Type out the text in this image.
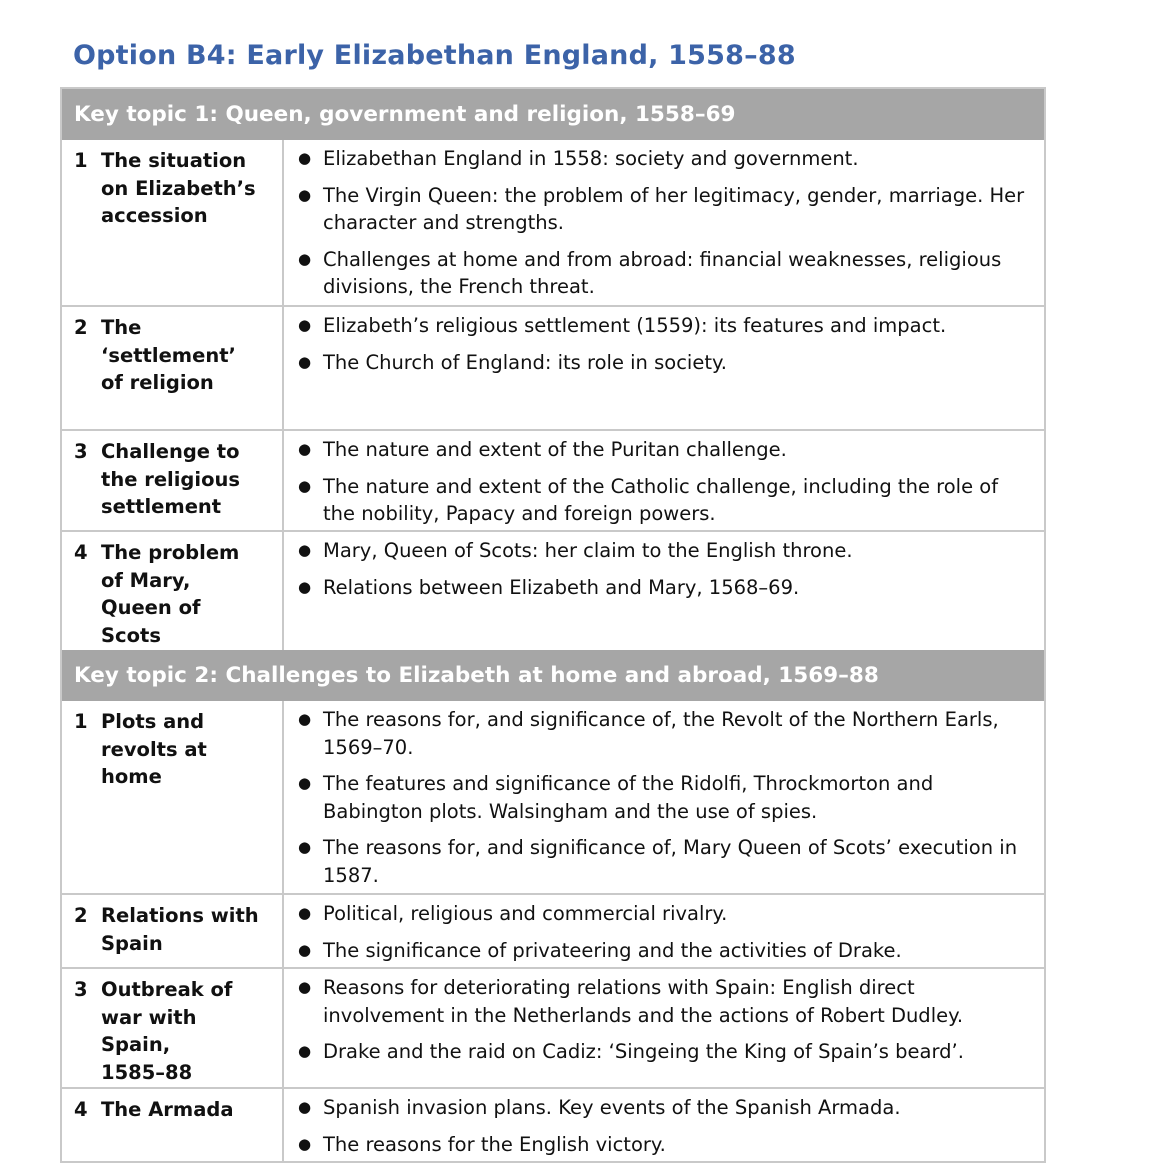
Option B4: Early Elizabethan England, 1558–88
Key topic 1: Queen, government and religion, 1558–69
1 The situation
on Elizabeth’s
accession
● Elizabethan England in 1558: society and government.
● The Virgin Queen: the problem of her legitimacy, gender, marriage. Her character and strengths.
● Challenges at home and from abroad: financial weaknesses, religious divisions, the French threat.
2 The
‘settlement’
of religion
● Elizabeth’s religious settlement (1559): its features and impact.
● The Church of England: its role in society.
3 Challenge to
the religious
settlement
● The nature and extent of the Puritan challenge.
● The nature and extent of the Catholic challenge, including the role of the nobility, Papacy and foreign powers.
4 The problem
of Mary,
Queen of
Scots
● Mary, Queen of Scots: her claim to the English throne.
● Relations between Elizabeth and Mary, 1568–69.
Key topic 2: Challenges to Elizabeth at home and abroad, 1569–88
1 Plots and
revolts at
home
● The reasons for, and significance of, the Revolt of the Northern Earls, 1569–70.
● The features and significance of the Ridolfi, Throckmorton and Babington plots. Walsingham and the use of spies.
● The reasons for, and significance of, Mary Queen of Scots’ execution in 1587.
2 Relations with
Spain
● Political, religious and commercial rivalry.
● The significance of privateering and the activities of Drake.
3 Outbreak of
war with
Spain,
1585–88
● Reasons for deteriorating relations with Spain: English direct involvement in the Netherlands and the actions of Robert Dudley.
● Drake and the raid on Cadiz: ‘Singeing the King of Spain’s beard’.
4 The Armada	● Spanish invasion plans. Key events of the Spanish Armada.
● The reasons for the English victory.
